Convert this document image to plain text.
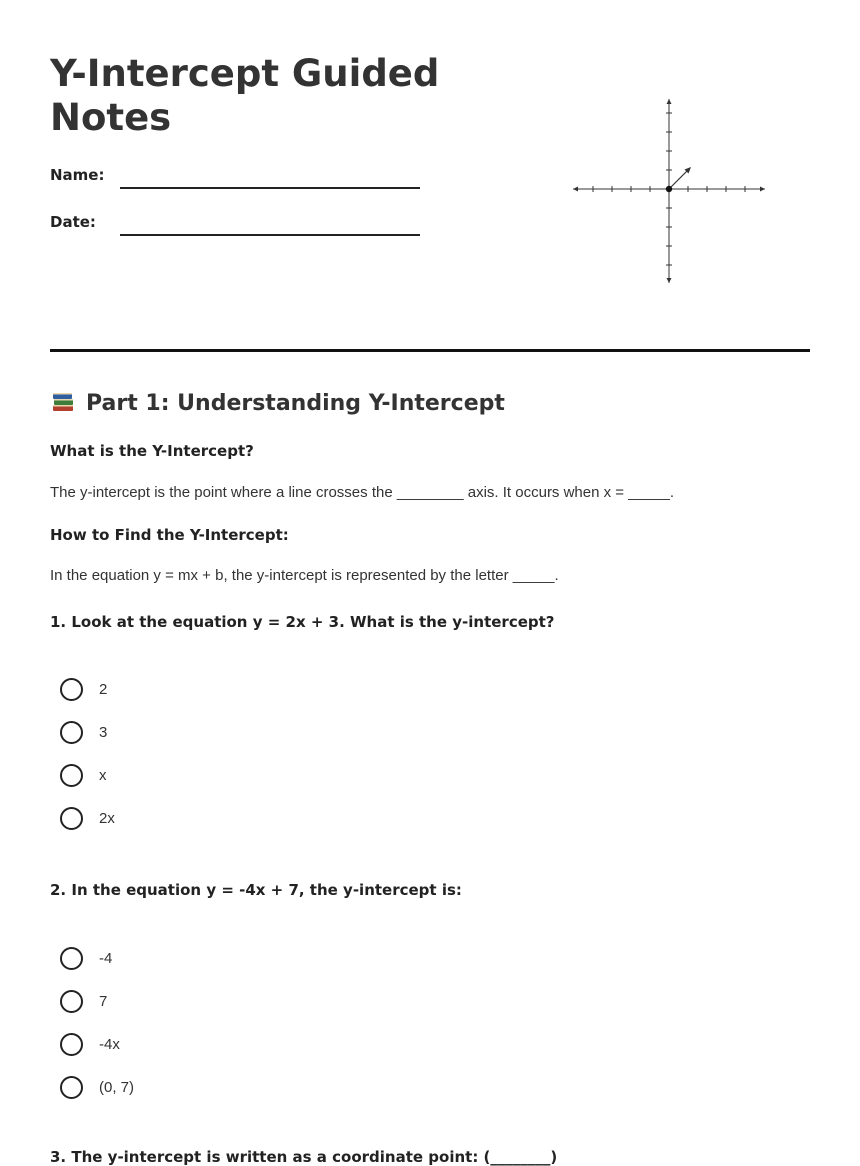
Y-Intercept Guided Notes
Name:
Date:
Part 1: Understanding Y-Intercept
What is the Y-Intercept?
The y-intercept is the point where a line crosses the ________ axis. It occurs when x = _____.
How to Find the Y-Intercept:
In the equation y = mx + b, the y-intercept is represented by the letter _____.
1. Look at the equation y = 2x + 3. What is the y-intercept?
2
3
x
2x
2. In the equation y = -4x + 7, the y-intercept is:
-4
7
-4x
(0, 7)
3. The y-intercept is written as a coordinate point: (________)
